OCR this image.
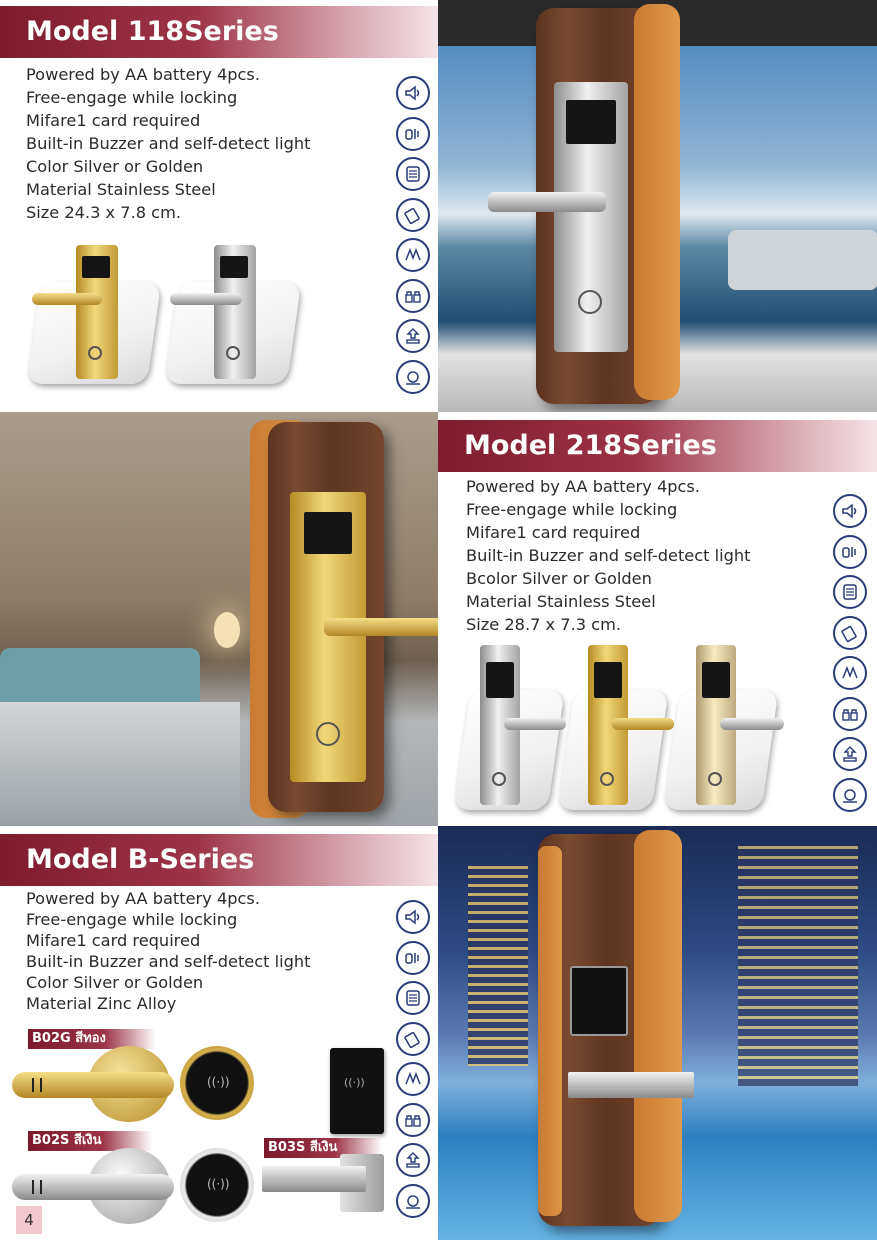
Model 118Series
Powered by AA battery 4pcs.
Free-engage while locking
Mifare1 card required
Built-in Buzzer and self-detect light
Color Silver or Golden
Material Stainless Steel
Size 24.3 x 7.8 cm.
Model 218Series
Powered by AA battery 4pcs.
Free-engage while locking
Mifare1 card required
Built-in Buzzer and self-detect light
Bcolor Silver or Golden
Material Stainless Steel
Size 28.7 x 7.3 cm.
Model B-Series
Powered by AA battery 4pcs.
Free-engage while locking
Mifare1 card required
Built-in Buzzer and self-detect light
Color Silver or Golden
Material Zinc Alloy
B02G สีทอง
((·))
B02S สีเงิน
((·))
((·))
B03S สีเงิน
4
